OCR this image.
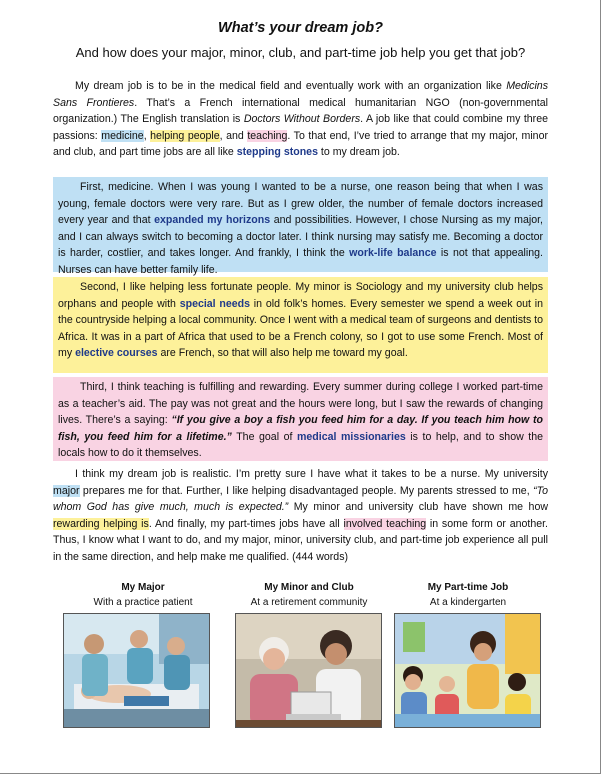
What’s your dream job?
And how does your major, minor, club, and part-time job help you get that job?
My dream job is to be in the medical field and eventually work with an organization like Medicins Sans Frontieres. That’s a French international medical humanitarian NGO (non-governmental organization.) The English translation is Doctors Without Borders. A job like that could combine my three passions: medicine, helping people, and teaching. To that end, I’ve tried to arrange that my major, minor and club, and part time jobs are all like stepping stones to my dream job.
First, medicine. When I was young I wanted to be a nurse, one reason being that when I was young, female doctors were very rare. But as I grew older, the number of female doctors increased every year and that expanded my horizons and possibilities. However, I chose Nursing as my major, and I can always switch to becoming a doctor later. I think nursing may satisfy me. Becoming a doctor is harder, costlier, and takes longer. And frankly, I think the work-life balance is not that appealing. Nurses can have better family life.
Second, I like helping less fortunate people. My minor is Sociology and my university club helps orphans and people with special needs in old folk’s homes. Every semester we spend a week out in the countryside helping a local community. Once I went with a medical team of surgeons and dentists to Africa. It was in a part of Africa that used to be a French colony, so I got to use some French. Most of my elective courses are French, so that will also help me toward my goal.
Third, I think teaching is fulfilling and rewarding. Every summer during college I worked part-time as a teacher’s aid. The pay was not great and the hours were long, but I saw the rewards of changing lives. There’s a saying: “If you give a boy a fish you feed him for a day. If you teach him how to fish, you feed him for a lifetime.” The goal of medical missionaries is to help, and to show the locals how to do it themselves.
I think my dream job is realistic. I’m pretty sure I have what it takes to be a nurse. My university major prepares me for that. Further, I like helping disadvantaged people. My parents stressed to me, “To whom God has give much, much is expected.” My minor and university club have shown me how rewarding helping is. And finally, my part-times jobs have all involved teaching in some form or another. Thus, I know what I want to do, and my major, minor, university club, and part-time job experience all pull in the same direction, and help make me qualified. (444 words)
My Major
With a practice patient
My Minor and Club
At a retirement community
My Part-time Job
At a kindergarten
